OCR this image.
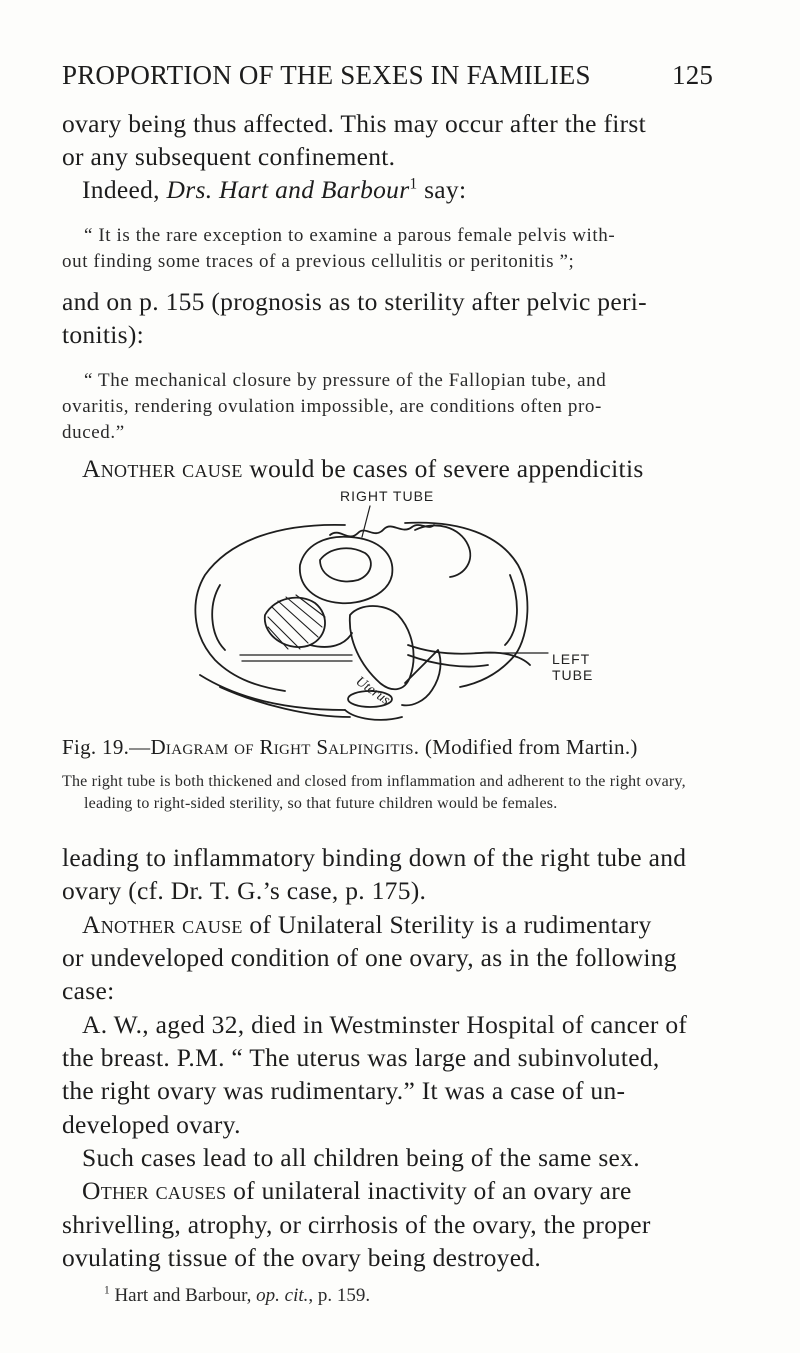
PROPORTION OF THE SEXES IN FAMILIES	125
ovary being thus affected. This may occur after the first
or any subsequent confinement.
Indeed, Drs. Hart and Barbour$^1$ say:
“ It is the rare exception to examine a parous female pelvis with-
out finding some traces of a previous cellulitis or peritonitis ”;
and on p. 155 (prognosis as to sterility after pelvic peri-
tonitis):
“ The mechanical closure by pressure of the Fallopian tube, and
ovaritis, rendering ovulation impossible, are conditions often pro-
duced.”
Another cause would be cases of severe appendicitis
RIGHT TUBE
LEFT
TUBE
Uterus
Fig. 19.—Diagram of Right Salpingitis. (Modified from Martin.)
The right tube is both thickened and closed from inflammation and adherent to the right ovary,
leading to right-sided sterility, so that future children would be females.
leading to inflammatory binding down of the right tube and
ovary (cf. Dr. T. G.’s case, p. 175).
Another cause of Unilateral Sterility is a rudimentary
or undeveloped condition of one ovary, as in the following
case:
A. W., aged 32, died in Westminster Hospital of cancer of
the breast. P.M. “ The uterus was large and subinvoluted,
the right ovary was rudimentary.” It was a case of un-
developed ovary.
Such cases lead to all children being of the same sex.
Other causes of unilateral inactivity of an ovary are
shrivelling, atrophy, or cirrhosis of the ovary, the proper
ovulating tissue of the ovary being destroyed.
$^1$ Hart and Barbour, op. cit., p. 159.
